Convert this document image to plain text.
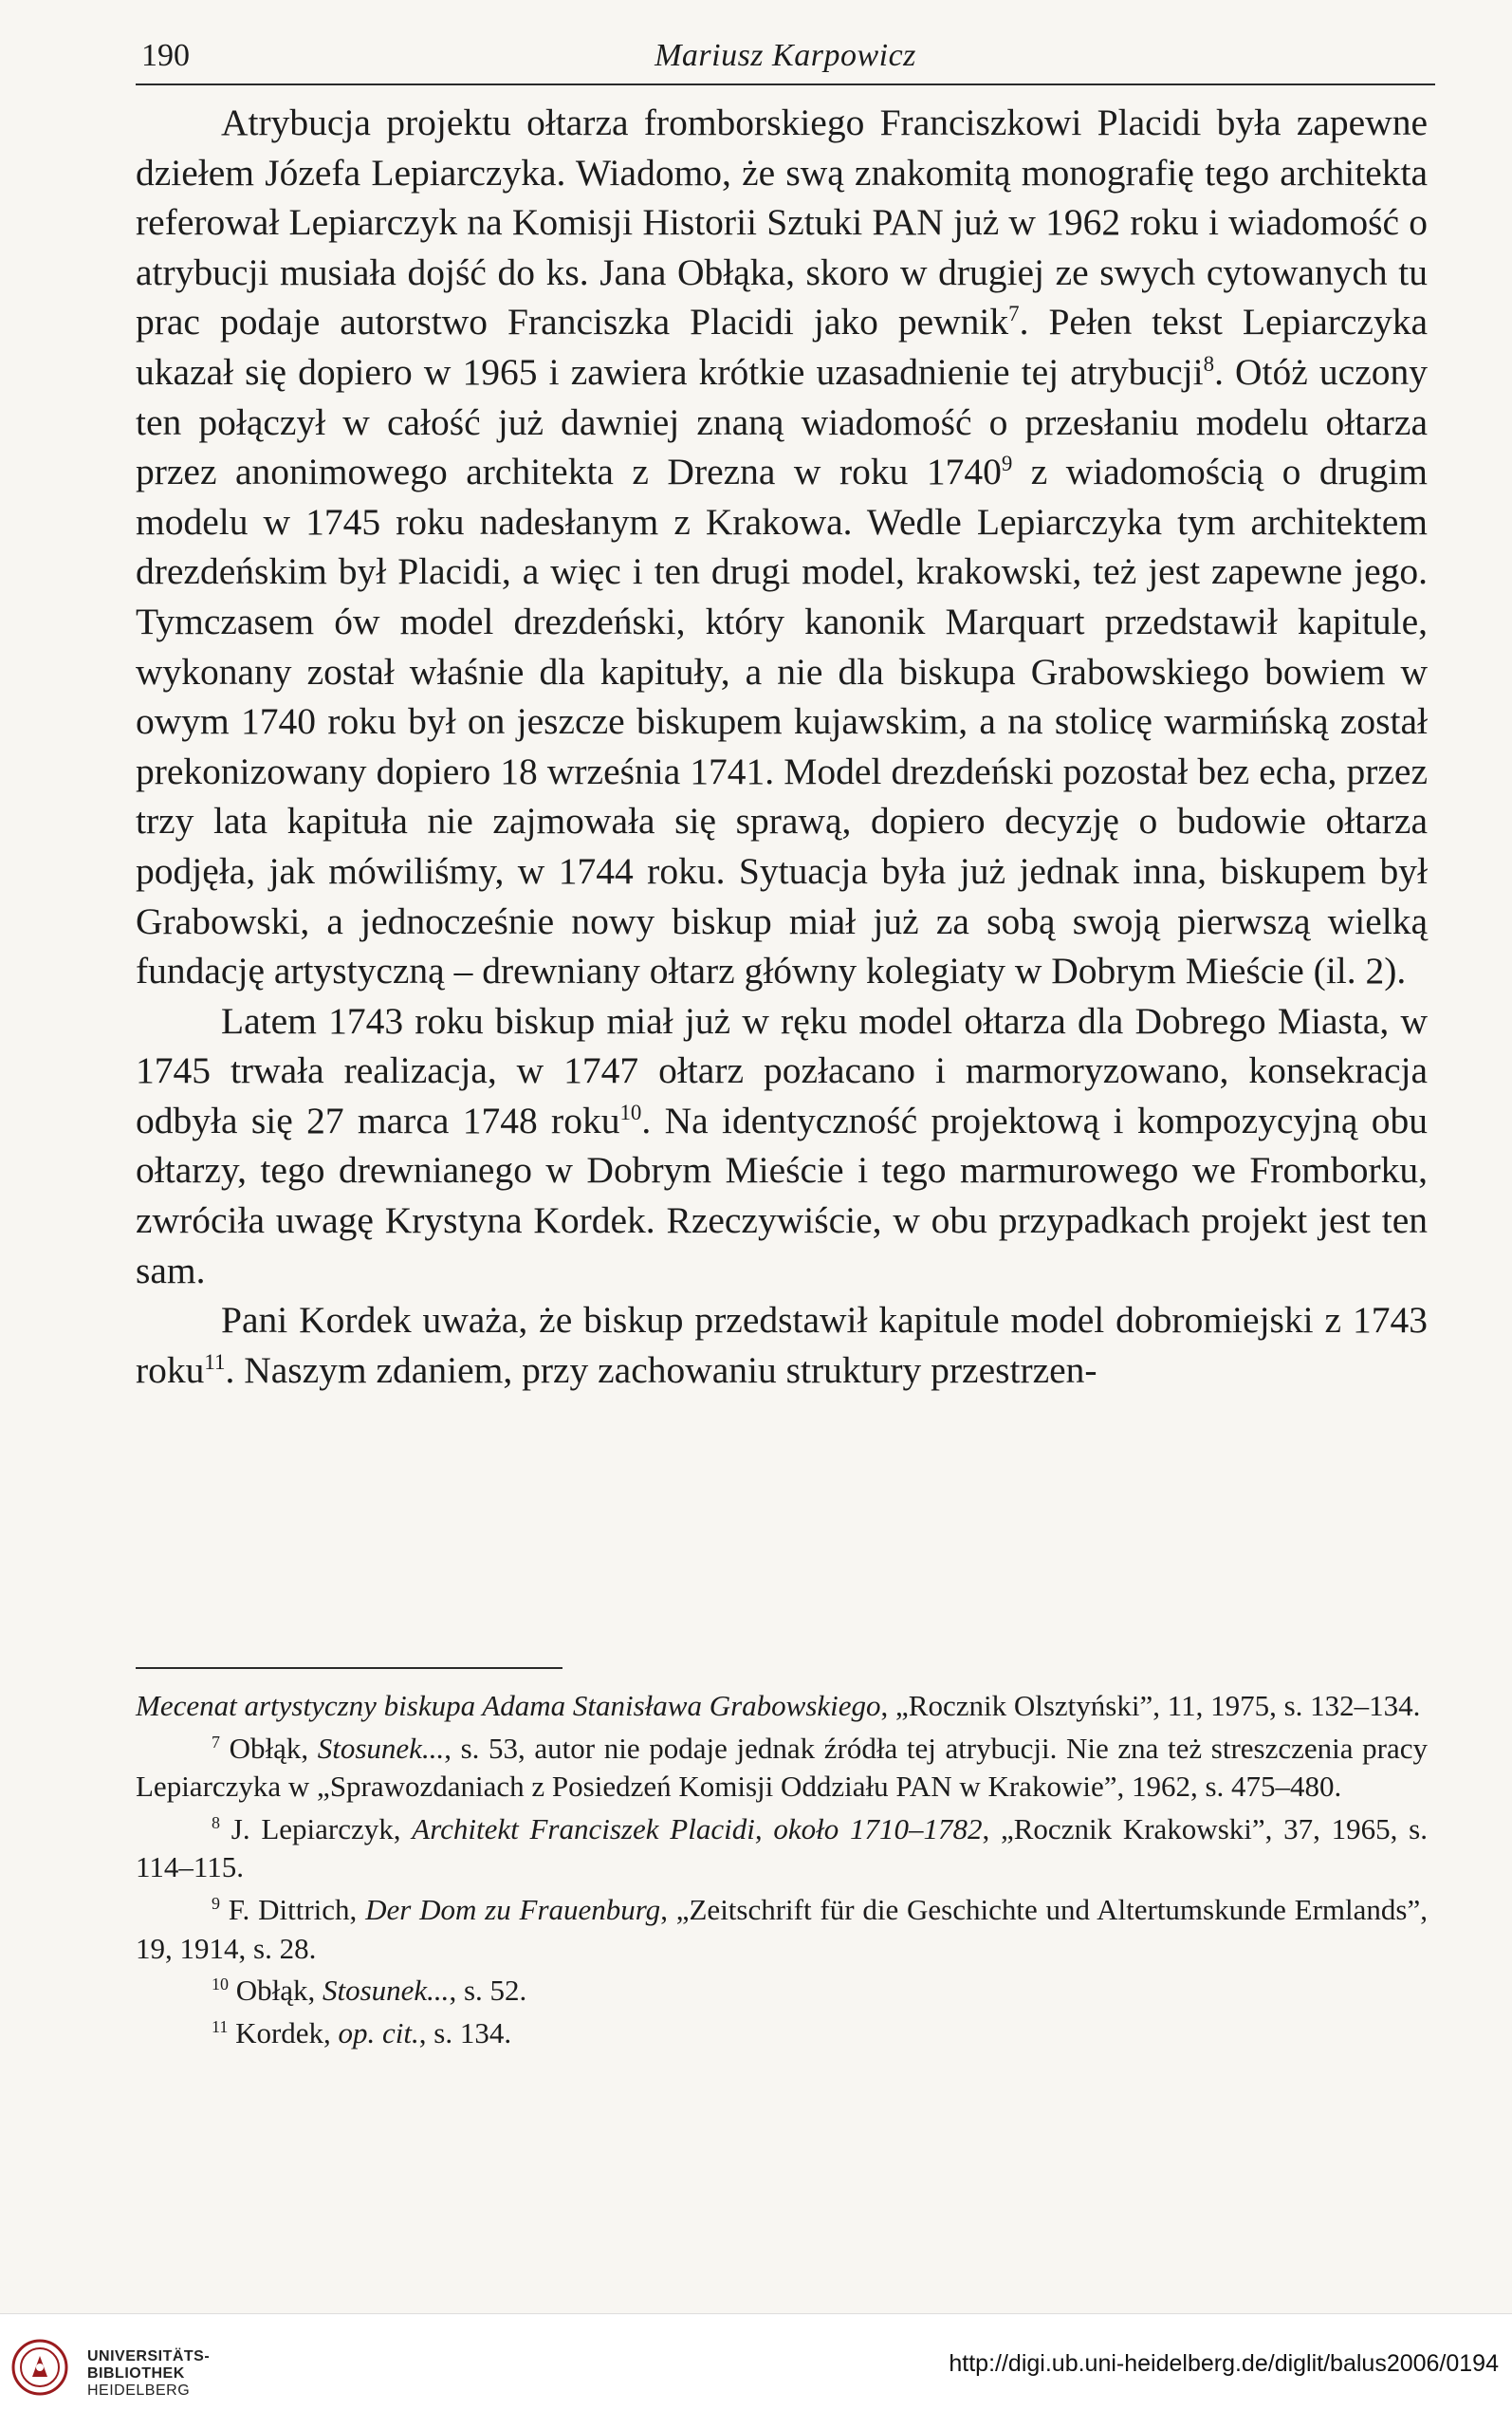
190	Mariusz Karpowicz

Atrybucja projektu ołtarza fromborskiego Franciszkowi Placidi była zapewne dziełem Józefa Lepiarczyka. Wiadomo, że swą znakomitą monografię tego architekta referował Lepiarczyk na Komisji Historii Sztuki PAN już w 1962 roku i wiadomość o atrybucji musiała dojść do ks. Jana Obłąka, skoro w drugiej ze swych cytowanych tu prac podaje autorstwo Franciszka Placidi jako pewnik$^7$. Pełen tekst Lepiarczyka ukazał się dopiero w 1965 i zawiera krótkie uzasadnienie tej atrybucji$^8$. Otóż uczony ten połączył w całość już dawniej znaną wiadomość o przesłaniu modelu ołtarza przez anonimowego architekta z Drezna w roku 1740$^9$ z wiadomością o drugim modelu w 1745 roku nadesłanym z Krakowa. Wedle Lepiarczyka tym architektem drezdeńskim był Placidi, a więc i ten drugi model, krakowski, też jest zapewne jego. Tymczasem ów model drezdeński, który kanonik Marquart przedstawił kapitule, wykonany został właśnie dla kapituły, a nie dla biskupa Grabowskiego bowiem w owym 1740 roku był on jeszcze biskupem kujawskim, a na stolicę warmińską został prekonizowany dopiero 18 września 1741. Model drezdeński pozostał bez echa, przez trzy lata kapituła nie zajmowała się sprawą, dopiero decyzję o budowie ołtarza podjęła, jak mówiliśmy, w 1744 roku. Sytuacja była już jednak inna, biskupem był Grabowski, a jednocześnie nowy biskup miał już za sobą swoją pierwszą wielką fundację artystyczną – drewniany ołtarz główny kolegiaty w Dobrym Mieście (il. 2).

Latem 1743 roku biskup miał już w ręku model ołtarza dla Dobrego Miasta, w 1745 trwała realizacja, w 1747 ołtarz pozłacano i marmoryzowano, konsekracja odbyła się 27 marca 1748 roku$^{10}$. Na identyczność projektową i kompozycyjną obu ołtarzy, tego drewnianego w Dobrym Mieście i tego marmurowego we Fromborku, zwróciła uwagę Krystyna Kordek. Rzeczywiście, w obu przypadkach projekt jest ten sam.

Pani Kordek uważa, że biskup przedstawił kapitule model dobromiejski z 1743 roku$^{11}$. Naszym zdaniem, przy zachowaniu struktury przestrzen-

Mecenat artystyczny biskupa Adama Stanisława Grabowskiego, „Rocznik Olsztyński”, 11, 1975, s. 132–134.

$^7$ Obłąk, Stosunek..., s. 53, autor nie podaje jednak źródła tej atrybucji. Nie zna też streszczenia pracy Lepiarczyka w „Sprawozdaniach z Posiedzeń Komisji Oddziału PAN w Krakowie”, 1962, s. 475–480.

$^8$ J. Lepiarczyk, Architekt Franciszek Placidi, około 1710–1782, „Rocznik Krakowski”, 37, 1965, s. 114–115.

$^9$ F. Dittrich, Der Dom zu Frauenburg, „Zeitschrift für die Geschichte und Altertumskunde Ermlands”, 19, 1914, s. 28.

$^{10}$ Obłąk, Stosunek..., s. 52.

$^{11}$ Kordek, op. cit., s. 134.

UNIVERSITÄTS-
BIBLIOTHEK
HEIDELBERG
http://digi.ub.uni-heidelberg.de/diglit/balus2006/0194
